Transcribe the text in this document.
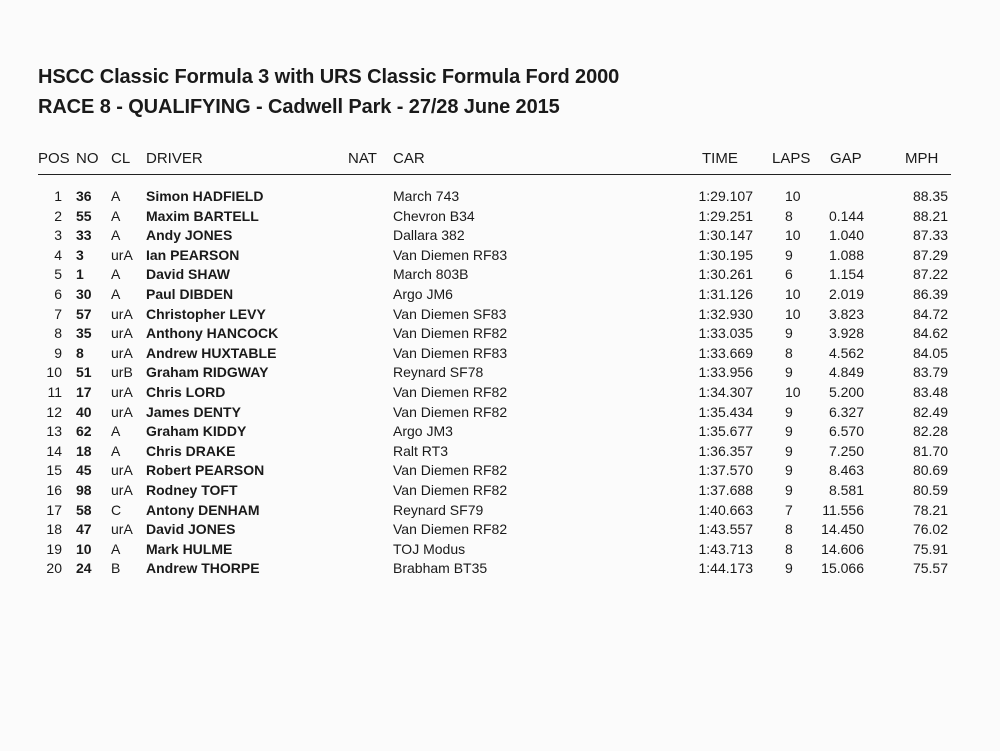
HSCC Classic Formula 3 with URS Classic Formula Ford 2000
RACE 8 - QUALIFYING - Cadwell Park - 27/28 June 2015
POS NO CL DRIVER	NAT CAR	TIME LAPS GAP	MPH
1 36 A Simon HADFIELD	March 743	1:29.107 10	88.35
2 55 A Maxim BARTELL	Chevron B34	1:29.251 8	0.144	88.21
3 33 A Andy JONES	Dallara 382	1:30.147 10 1.040	87.33
4 3 urA Ian PEARSON	Van Diemen RF83	1:30.195 9	1.088	87.29
5 1 A David SHAW	March 803B	1:30.261 6	1.154	87.22
6 30 A Paul DIBDEN	Argo JM6	1:31.126 10 2.019	86.39
7 57 urA Christopher LEVY	Van Diemen SF83	1:32.930 10 3.823	84.72
8 35 urA Anthony HANCOCK	Van Diemen RF82	1:33.035 9	3.928	84.62
9 8 urA Andrew HUXTABLE	Van Diemen RF83	1:33.669 8	4.562	84.05
10 51 urB Graham RIDGWAY	Reynard SF78	1:33.956 9	4.849	83.79
11 17 urA Chris LORD	Van Diemen RF82	1:34.307 10 5.200	83.48
12 40 urA James DENTY	Van Diemen RF82	1:35.434 9	6.327	82.49
13 62 A Graham KIDDY	Argo JM3	1:35.677 9	6.570	82.28
14 18 A Chris DRAKE	Ralt RT3	1:36.357 9	7.250	81.70
15 45 urA Robert PEARSON	Van Diemen RF82	1:37.570 9	8.463	80.69
16 98 urA Rodney TOFT	Van Diemen RF82	1:37.688 9	8.581	80.59
17 58 C Antony DENHAM	Reynard SF79	1:40.663 7 11.556	78.21
18 47 urA David JONES	Van Diemen RF82	1:43.557 8 14.450	76.02
19 10 A Mark HULME	TOJ Modus	1:43.713 8 14.606	75.91
20 24 B Andrew THORPE	Brabham BT35	1:44.173 9 15.066	75.57
